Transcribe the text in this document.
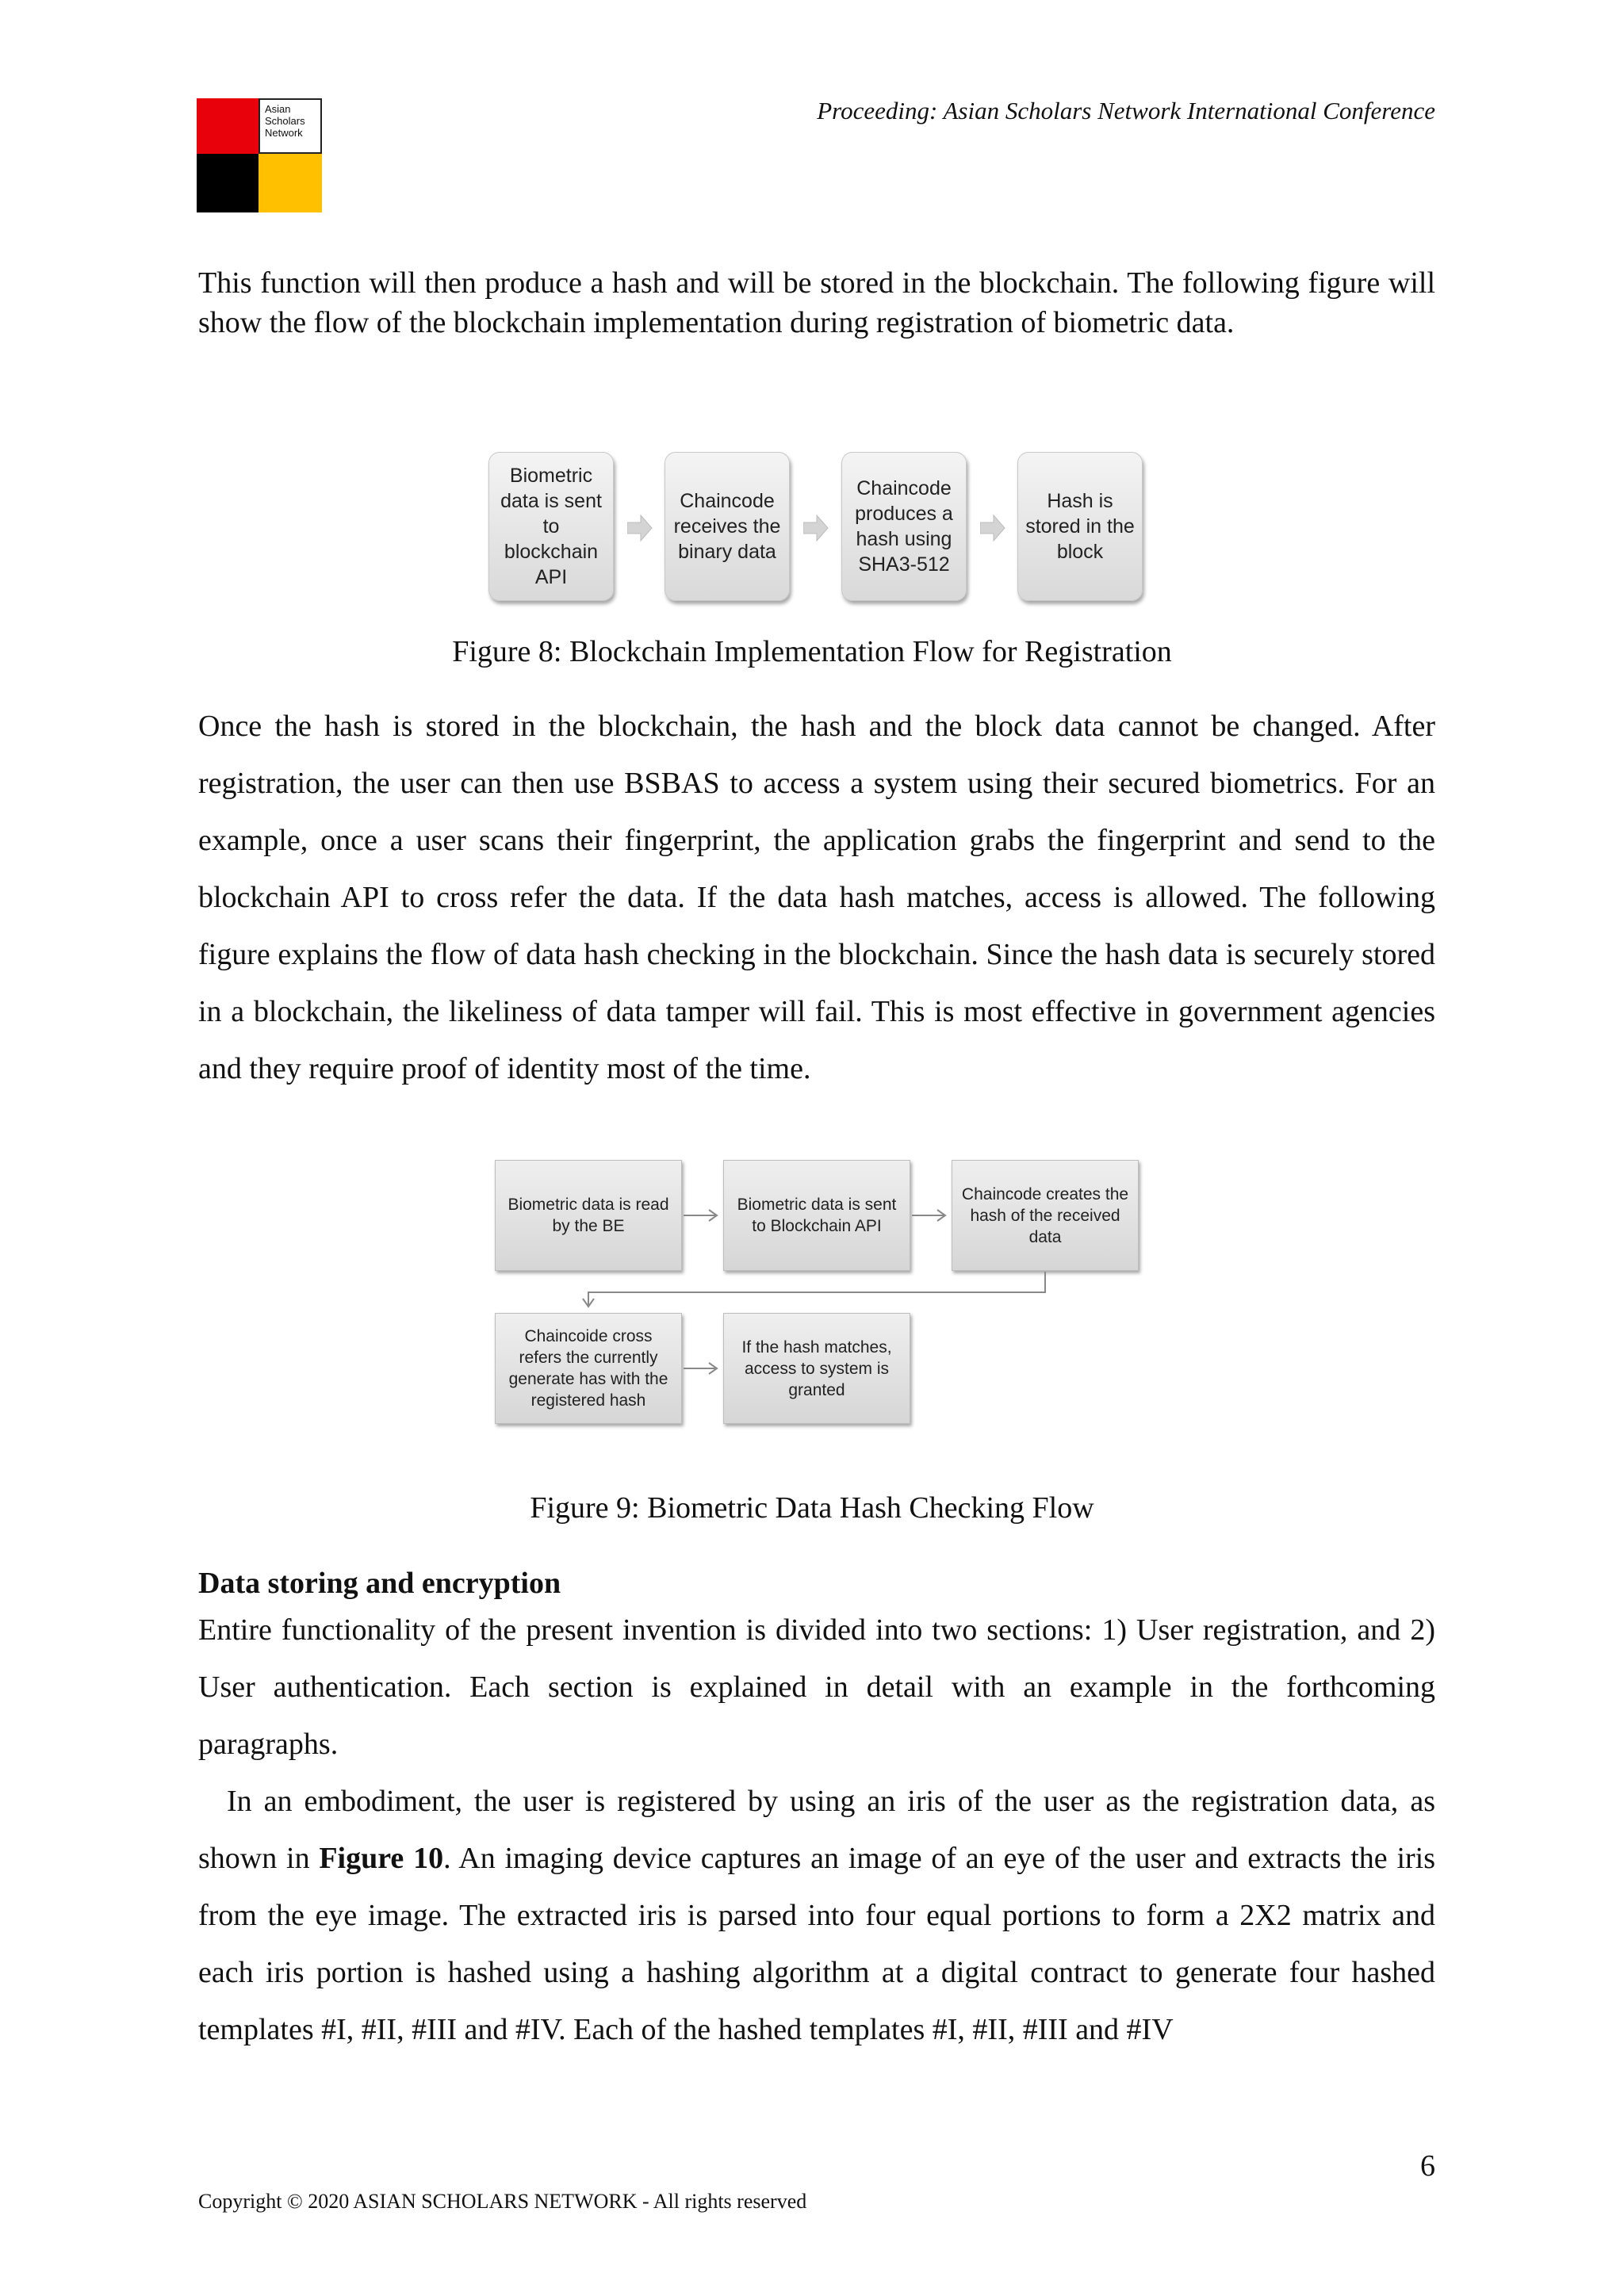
Asian
Scholars
Network
Proceeding: Asian Scholars Network International Conference
This function will then produce a hash and will be stored in the blockchain. The following figure will show the flow of the blockchain implementation during registration of biometric data.
Biometric data is sent to blockchain API
Chaincode receives the binary data
Chaincode produces a hash using SHA3-512
Hash is stored in the block
Figure 8: Blockchain Implementation Flow for Registration
Once the hash is stored in the blockchain, the hash and the block data cannot be changed. After registration, the user can then use BSBAS to access a system using their secured biometrics. For an example, once a user scans their fingerprint, the application grabs the fingerprint and send to the blockchain API to cross refer the data. If the data hash matches, access is allowed. The following figure explains the flow of data hash checking in the blockchain. Since the hash data is securely stored in a blockchain, the likeliness of data tamper will fail. This is most effective in government agencies and they require proof of identity most of the time.
Biometric data is read by the BE
Biometric data is sent to Blockchain API
Chaincode creates the hash of the received data
Chaincoide cross refers the currently generate has with the registered hash
If the hash matches, access to system is granted
Figure 9: Biometric Data Hash Checking Flow
Data storing and encryption
Entire functionality of the present invention is divided into two sections: 1) User registration, and 2) User authentication. Each section is explained in detail with an example in the forthcoming paragraphs.
In an embodiment, the user is registered by using an iris of the user as the registration data, as shown in Figure 10. An imaging device captures an image of an eye of the user and extracts the iris from the eye image. The extracted iris is parsed into four equal portions to form a 2X2 matrix and each iris portion is hashed using a hashing algorithm at a digital contract to generate four hashed templates #I, #II, #III and #IV. Each of the hashed templates #I, #II, #III and #IV
6
Copyright © 2020 ASIAN SCHOLARS NETWORK - All rights reserved
